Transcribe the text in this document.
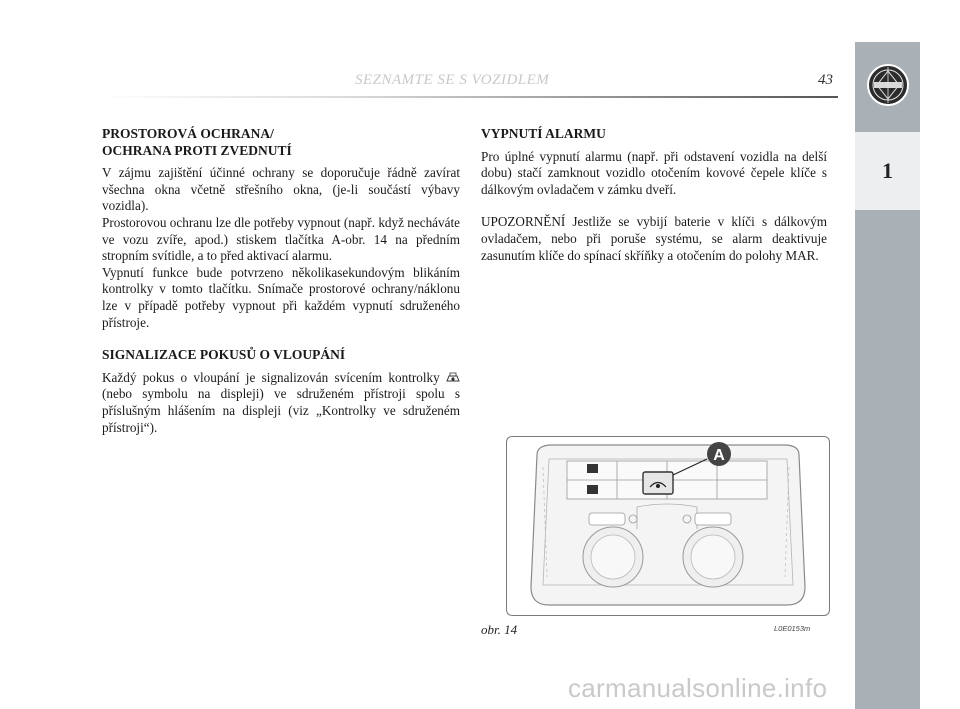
SEZNAMTE SE S VOZIDLEM	43
1
PROSTOROVÁ OCHRANA/
OCHRANA PROTI ZVEDNUTÍ

V zájmu zajištění účinné ochrany se doporučuje řádně zavírat všechna okna včetně střešního okna, (je-li součástí výbavy vozidla).

Prostorovou ochranu lze dle potřeby vypnout (např. když necháváte ve vozu zvíře, apod.) stiskem tlačítka A-obr. 14 na předním stropním svítidle, a to před aktivací alarmu.

Vypnutí funkce bude potvrzeno několikasekundovým blikáním kontrolky v tomto tlačítku. Snímače prostorové ochrany/náklonu lze v případě potřeby vypnout při každém vypnutí sdruženého přístroje.

SIGNALIZACE POKUSŮ O VLOUPÁNÍ

Každý pokus o vloupání je signalizován svícením kontrolky  (nebo symbolu na displeji) ve sdruženém přístroji spolu s příslušným hlášením na displeji (viz „Kontrolky ve sdruženém přístroji“).

VYPNUTÍ ALARMU

Pro úplné vypnutí alarmu (např. při odstavení vozidla na delší dobu) stačí zamknout vozidlo otočením kovové čepele klíče s dálkovým ovladačem v zámku dveří.

UPOZORNĚNÍ Jestliže se vybijí baterie v klíči s dálkovým ovladačem, nebo při poruše systému, se alarm deaktivuje zasunutím klíče do spínací skříňky a otočením do polohy MAR.

A
obr. 14	L0E0153m
carmanualsonline.info
